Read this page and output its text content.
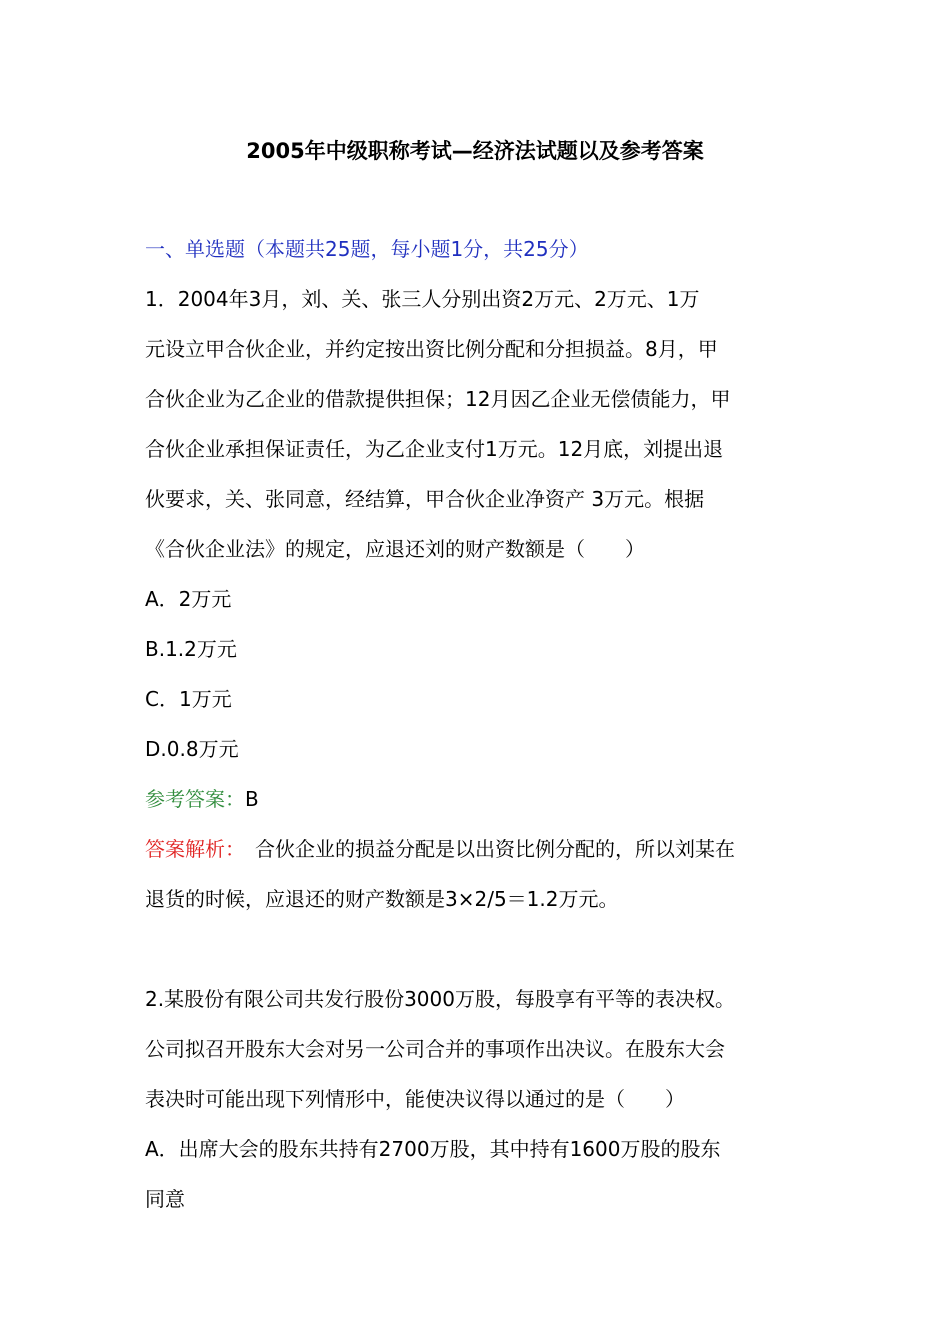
2005年中级职称考试—经济法试题以及参考答案
一、单选题（本题共25题，每小题1分，共25分）
1．2004年3月，刘、关、张三人分别出资2万元、2万元、1万
元设立甲合伙企业，并约定按出资比例分配和分担损益。8月，甲
合伙企业为乙企业的借款提供担保；12月因乙企业无偿债能力，甲
合伙企业承担保证责任，为乙企业支付1万元。12月底，刘提出退
伙要求，关、张同意，经结算，甲合伙企业净资产 3万元。根据
《合伙企业法》的规定，应退还刘的财产数额是（　　）
A．2万元
B.1.2万元
C．1万元
D.0.8万元
参考答案：B
答案解析：　合伙企业的损益分配是以出资比例分配的，所以刘某在
退货的时候，应退还的财产数额是3×2/5＝1.2万元。
2.某股份有限公司共发行股份3000万股，每股享有平等的表决权。
公司拟召开股东大会对另一公司合并的事项作出决议。在股东大会
表决时可能出现下列情形中，能使决议得以通过的是（　　）
A．出席大会的股东共持有2700万股，其中持有1600万股的股东
同意
